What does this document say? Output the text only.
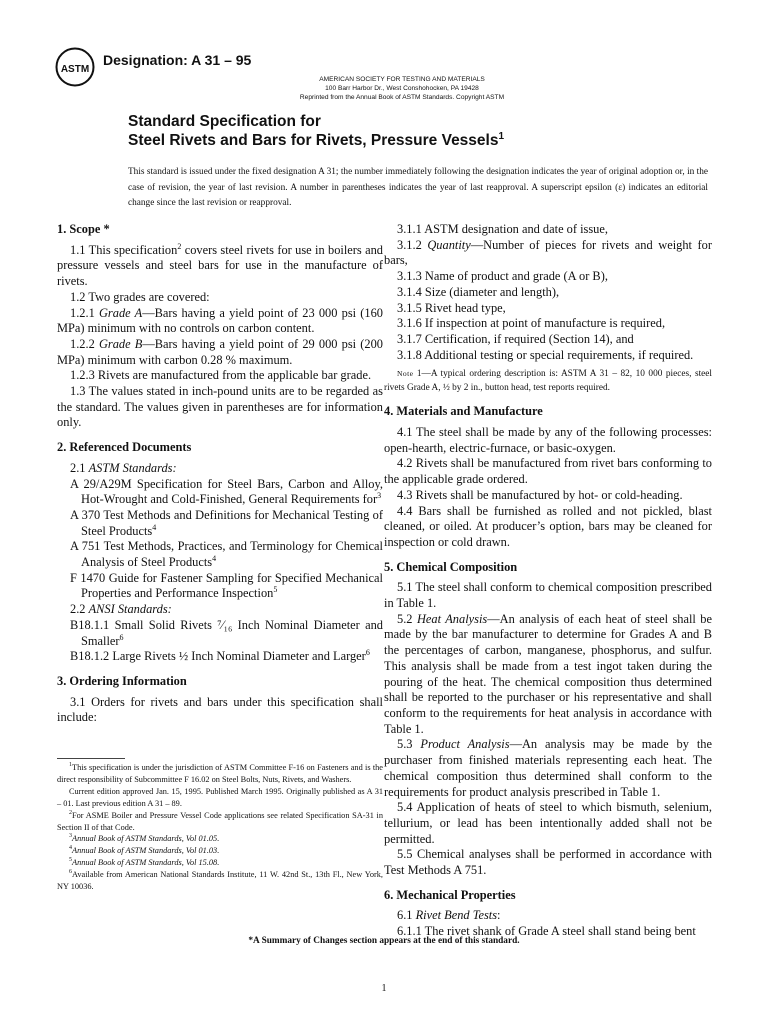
ASTM
Designation: A 31 – 95
AMERICAN SOCIETY FOR TESTING AND MATERIALS
100 Barr Harbor Dr., West Conshohocken, PA 19428
Reprinted from the Annual Book of ASTM Standards. Copyright ASTM
Standard Specification for
Steel Rivets and Bars for Rivets, Pressure Vessels$^1$
This standard is issued under the fixed designation A 31; the number immediately following the designation indicates the year of original adoption or, in the case of revision, the year of last revision. A number in parentheses indicates the year of last reapproval. A superscript epsilon (ε) indicates an editorial change since the last revision or reapproval.

1. Scope *

1.1 This specification$^2$ covers steel rivets for use in boilers and pressure vessels and steel bars for use in the manufacture of rivets.

1.2 Two grades are covered:

1.2.1 Grade A—Bars having a yield point of 23 000 psi (160 MPa) minimum with no controls on carbon content.

1.2.2 Grade B—Bars having a yield point of 29 000 psi (200 MPa) minimum with carbon 0.28 % maximum.

1.2.3 Rivets are manufactured from the applicable bar grade.

1.3 The values stated in inch-pound units are to be regarded as the standard. The values given in parentheses are for information only.

2. Referenced Documents

2.1 ASTM Standards:

A 29/A29M Specification for Steel Bars, Carbon and Alloy, Hot-Wrought and Cold-Finished, General Requirements for$^3$

A 370 Test Methods and Definitions for Mechanical Testing of Steel Products$^4$

A 751 Test Methods, Practices, and Terminology for Chemical Analysis of Steel Products$^4$

F 1470 Guide for Fastener Sampling for Specified Mechanical Properties and Performance Inspection$^5$

2.2 ANSI Standards:

B18.1.1 Small Solid Rivets ⁷⁄₁₆ Inch Nominal Diameter and Smaller$^6$

B18.1.2 Large Rivets ½ Inch Nominal Diameter and Larger$^6$

3. Ordering Information

3.1 Orders for rivets and bars under this specification shall include:

$^1$This specification is under the jurisdiction of ASTM Committee F-16 on Fasteners and is the direct responsibility of Subcommittee F 16.02 on Steel Bolts, Nuts, Rivets, and Washers.

Current edition approved Jan. 15, 1995. Published March 1995. Originally published as A 31 – 01. Last previous edition A 31 – 89.

$^2$For ASME Boiler and Pressure Vessel Code applications see related Specification SA-31 in Section II of that Code.

$^3$Annual Book of ASTM Standards, Vol 01.05.

$^4$Annual Book of ASTM Standards, Vol 01.03.

$^5$Annual Book of ASTM Standards, Vol 15.08.

$^6$Available from American National Standards Institute, 11 W. 42nd St., 13th Fl., New York, NY 10036.

3.1.1 ASTM designation and date of issue,

3.1.2 Quantity—Number of pieces for rivets and weight for bars,

3.1.3 Name of product and grade (A or B),

3.1.4 Size (diameter and length),

3.1.5 Rivet head type,

3.1.6 If inspection at point of manufacture is required,

3.1.7 Certification, if required (Section 14), and

3.1.8 Additional testing or special requirements, if required.

Note 1—A typical ordering description is: ASTM A 31 – 82, 10 000 pieces, steel rivets Grade A, ½ by 2 in., button head, test reports required.

4. Materials and Manufacture

4.1 The steel shall be made by any of the following processes: open-hearth, electric-furnace, or basic-oxygen.

4.2 Rivets shall be manufactured from rivet bars conforming to the applicable grade ordered.

4.3 Rivets shall be manufactured by hot- or cold-heading.

4.4 Bars shall be furnished as rolled and not pickled, blast cleaned, or oiled. At producer’s option, bars may be cleaned for inspection or cold drawn.

5. Chemical Composition

5.1 The steel shall conform to chemical composition prescribed in Table 1.

5.2 Heat Analysis—An analysis of each heat of steel shall be made by the bar manufacturer to determine for Grades A and B the percentages of carbon, manganese, phosphorus, and sulfur. This analysis shall be made from a test ingot taken during the pouring of the heat. The chemical composition thus determined shall be reported to the purchaser or his representative and shall conform to the requirements for heat analysis in accordance with Table 1.

5.3 Product Analysis—An analysis may be made by the purchaser from finished materials representing each heat. The chemical composition thus determined shall conform to the requirements for product analysis prescribed in Table 1.

5.4 Application of heats of steel to which bismuth, selenium, tellurium, or lead has been intentionally added shall not be permitted.

5.5 Chemical analyses shall be performed in accordance with Test Methods A 751.

6. Mechanical Properties

6.1 Rivet Bend Tests:

6.1.1 The rivet shank of Grade A steel shall stand being bent

*A Summary of Changes section appears at the end of this standard.
1
